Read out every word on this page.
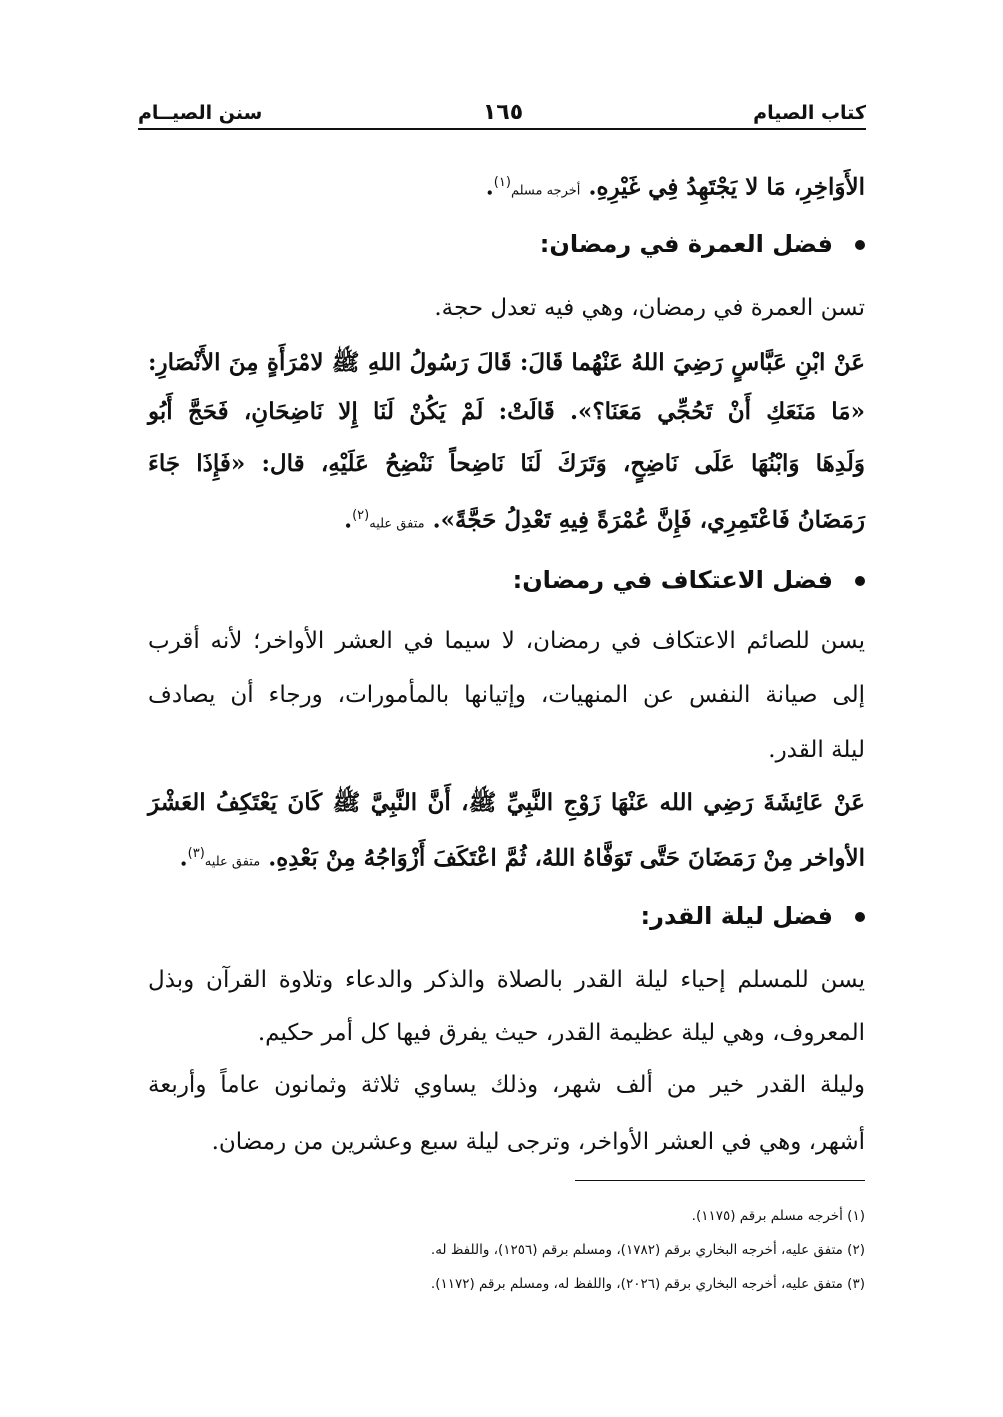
كتاب الصيام
١٦٥
سنن الصيــام
الأَوَاخِرِ، مَا لا يَجْتَهِدُ فِي غَيْرِهِ. أخرجه مسلم$^{(١)}$.
فضل العمرة في رمضان:
تسن العمرة في رمضان، وهي فيه تعدل حجة.
عَنْ ابْنِ عَبَّاسٍ رَضِيَ اللهُ عَنْهُما قَالَ: قَالَ رَسُولُ اللهِ ﷺ لامْرَأَةٍ مِنَ الأَنْصَارِ:
«مَا مَنَعَكِ أَنْ تَحُجِّي مَعَنَا؟». قَالَتْ: لَمْ يَكُنْ لَنَا إِلا نَاضِحَانِ، فَحَجَّ أَبُو
وَلَدِهَا وَابْنُهَا عَلَى نَاضِحٍ، وَتَرَكَ لَنَا نَاضِحاً نَنْضِحُ عَلَيْهِ، قال: «فَإِذَا جَاءَ
رَمَضَانُ فَاعْتَمِرِي، فَإِنَّ عُمْرَةً فِيهِ تَعْدِلُ حَجَّةً». متفق عليه$^{(٢)}$.
فضل الاعتكاف في رمضان:
يسن للصائم الاعتكاف في رمضان، لا سيما في العشر الأواخر؛ لأنه أقرب
إلى صيانة النفس عن المنهيات، وإتيانها بالمأمورات، ورجاء أن يصادف
ليلة القدر.
عَنْ عَائِشَةَ رَضِي الله عَنْهَا زَوْجِ النَّبِيِّ ﷺ، أَنَّ النَّبِيَّ ﷺ كَانَ يَعْتَكِفُ العَشْرَ
الأواخر مِنْ رَمَضَانَ حَتَّى تَوَفَّاهُ اللهُ، ثُمَّ اعْتَكَفَ أَزْوَاجُهُ مِنْ بَعْدِهِ. متفق عليه$^{(٣)}$.
فضل ليلة القدر:
يسن للمسلم إحياء ليلة القدر بالصلاة والذكر والدعاء وتلاوة القرآن وبذل
المعروف، وهي ليلة عظيمة القدر، حيث يفرق فيها كل أمر حكيم.
وليلة القدر خير من ألف شهر، وذلك يساوي ثلاثة وثمانون عاماً وأربعة
أشهر، وهي في العشر الأواخر، وترجى ليلة سبع وعشرين من رمضان.
(١) أخرجه مسلم برقم (١١٧٥).
(٢) متفق عليه، أخرجه البخاري برقم (١٧٨٢)، ومسلم برقم (١٢٥٦)، واللفظ له.
(٣) متفق عليه، أخرجه البخاري برقم (٢٠٢٦)، واللفظ له، ومسلم برقم (١١٧٢).
